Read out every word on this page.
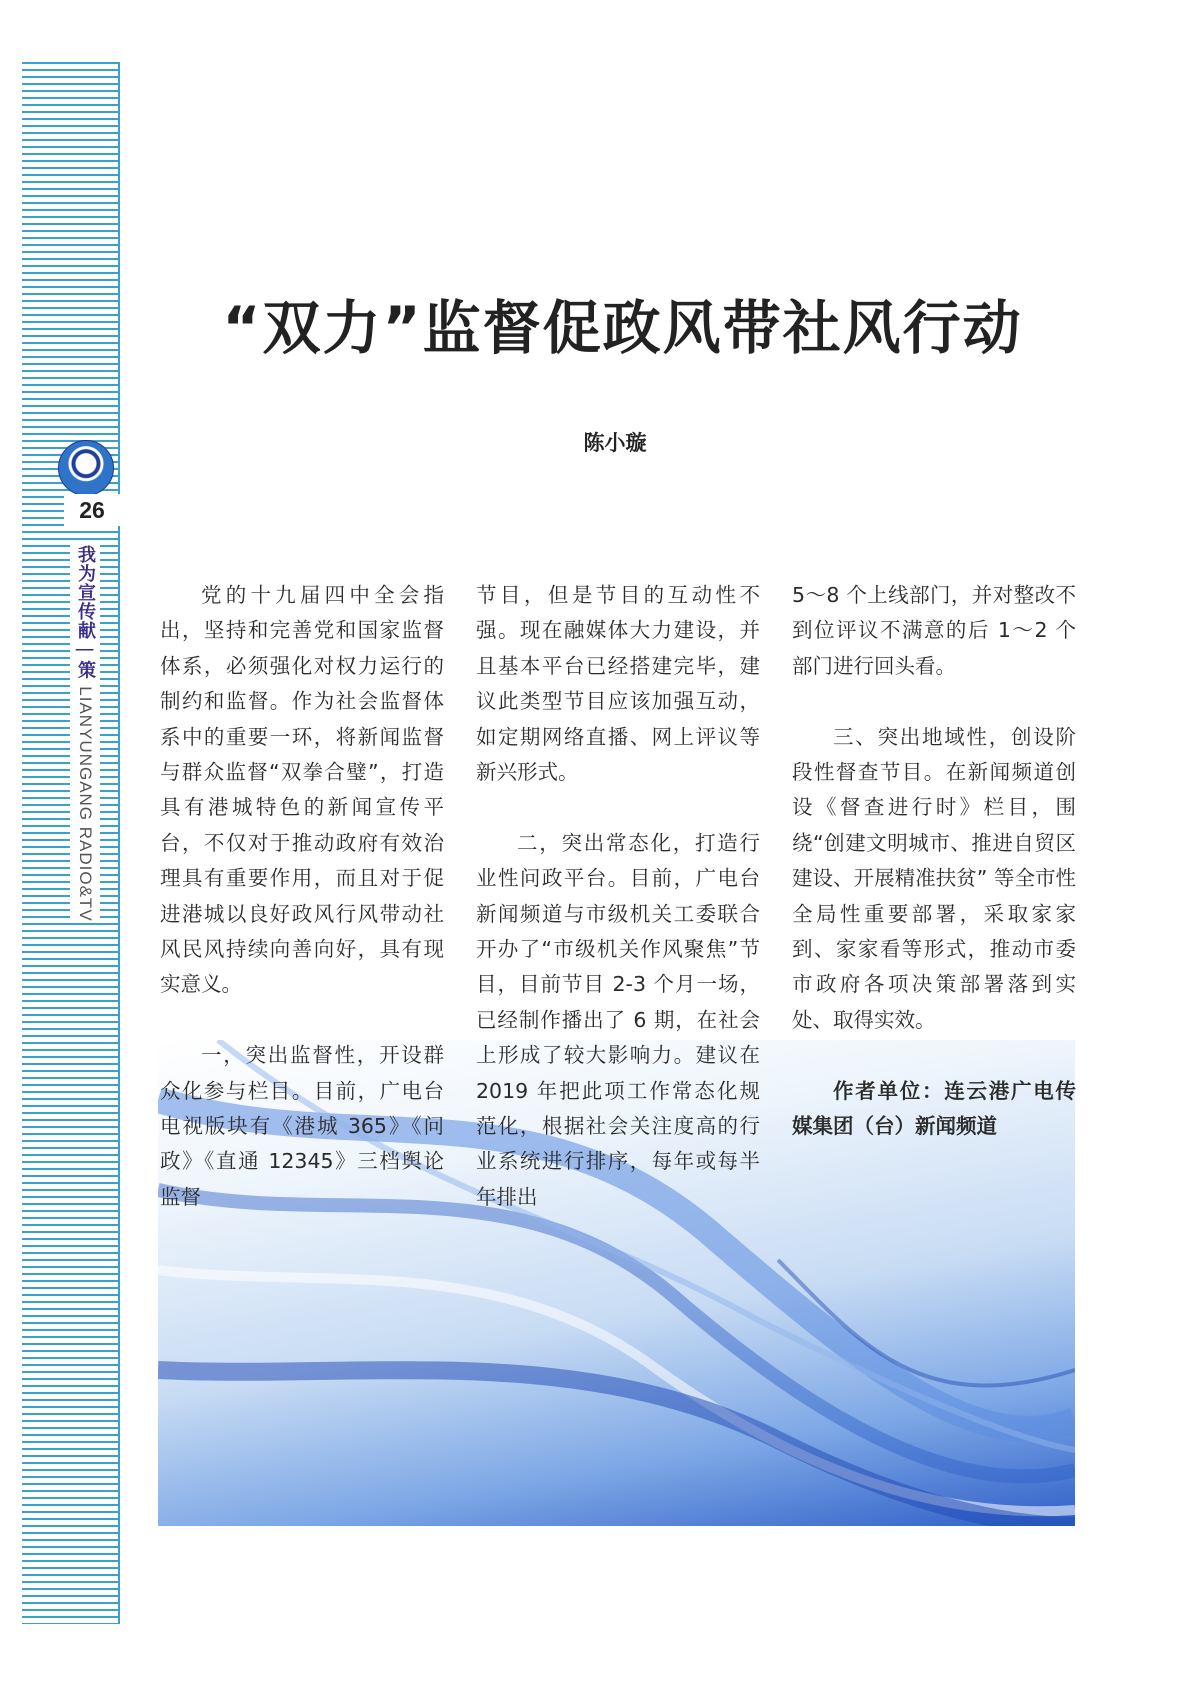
26
我为宣传献 | 策 LIANYUNGANG RADIO&TV
“双力”监督促政风带社风行动
陈小璇

党的十九届四中全会指出，坚持和完善党和国家监督体系，必须强化对权力运行的制约和监督。作为社会监督体系中的重要一环，将新闻监督与群众监督“双拳合璧”，打造具有港城特色的新闻宣传平台，不仅对于推动政府有效治理具有重要作用，而且对于促进港城以良好政风行风带动社风民风持续向善向好，具有现实意义。

一，突出监督性，开设群众化参与栏目。目前，广电台电视版块有《港城 365》《问政》《直通 12345》三档舆论监督

节目，但是节目的互动性不强。现在融媒体大力建设，并且基本平台已经搭建完毕，建议此类型节目应该加强互动，如定期网络直播、网上评议等新兴形式。

二，突出常态化，打造行业性问政平台。目前，广电台新闻频道与市级机关工委联合开办了“市级机关作风聚焦”节目，目前节目 2-3 个月一场，已经制作播出了 6 期，在社会上形成了较大影响力。建议在 2019 年把此项工作常态化规范化，根据社会关注度高的行业系统进行排序，每年或每半年排出

5～8 个上线部门，并对整改不到位评议不满意的后 1～2 个部门进行回头看。

三、突出地域性，创设阶段性督查节目。在新闻频道创设《督查进行时》栏目，围绕“创建文明城市、推进自贸区建设、开展精准扶贫” 等全市性全局性重要部署，采取家家到、家家看等形式，推动市委市政府各项决策部署落到实处、取得实效。

作者单位：连云港广电传媒集团（台）新闻频道
